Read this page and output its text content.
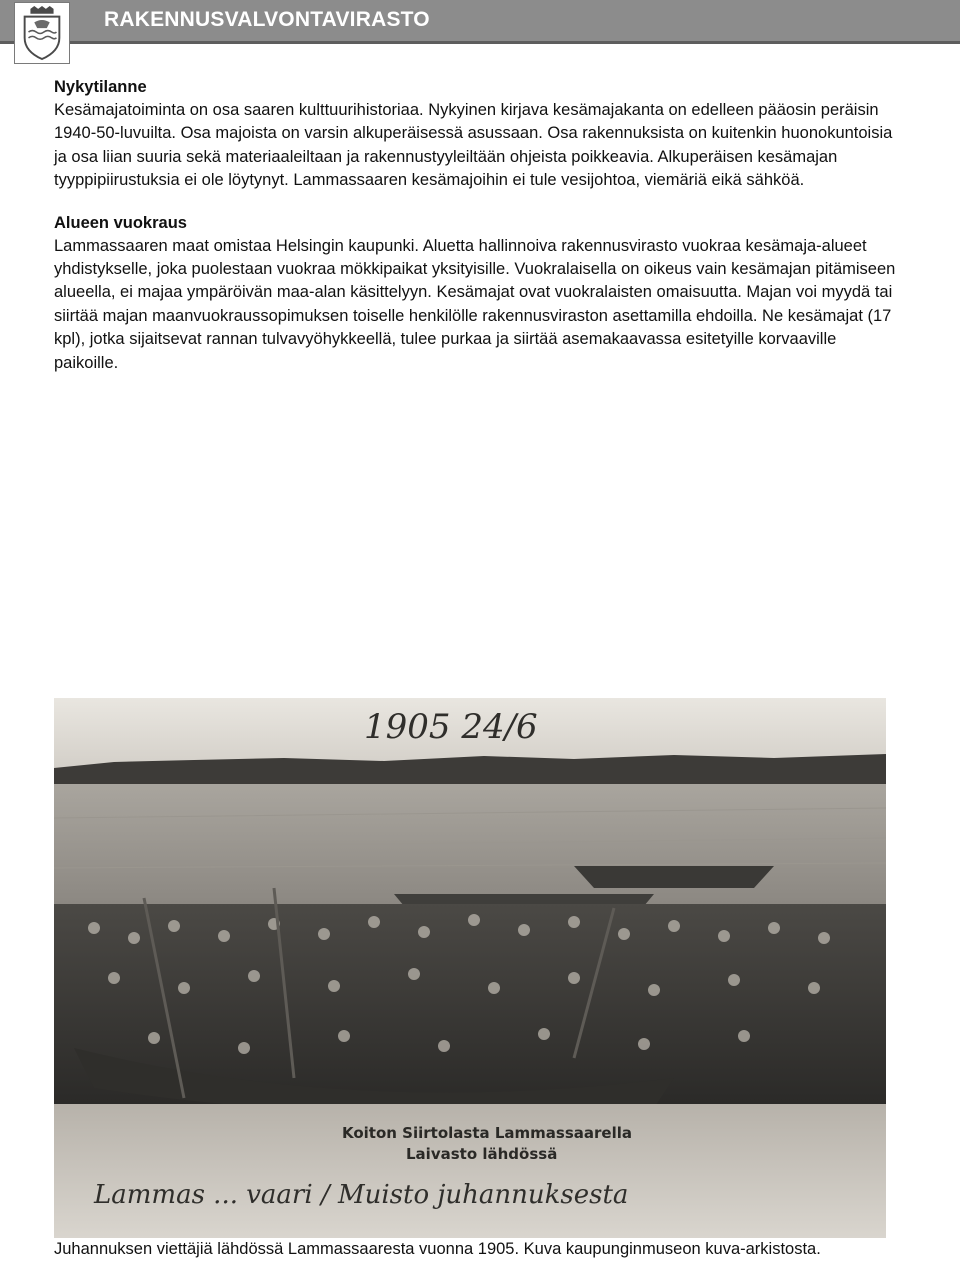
RAKENNUSVALVONTAVIRASTO
Nykytilanne

Kesämajatoiminta on osa saaren kulttuurihistoriaa. Nykyinen kirjava kesämajakanta on edelleen pääosin peräisin 1940-50-luvuilta. Osa majoista on varsin alkuperäisessä asussaan. Osa rakennuksista on kuitenkin huonokuntoisia ja osa liian suuria sekä materiaaleiltaan ja rakennustyyleiltään ohjeista poikkeavia. Alkuperäisen kesämajan tyyppipiirustuksia ei ole löytynyt. Lammassaaren kesämajoihin ei tule vesijohtoa, viemäriä eikä sähköä.

Alueen vuokraus

Lammassaaren maat omistaa Helsingin kaupunki. Aluetta hallinnoiva rakennusvirasto vuokraa kesämaja-alueet yhdistykselle, joka puolestaan vuokraa mökkipaikat yksityisille. Vuokralaisella on oikeus vain kesämajan pitämiseen alueella, ei majaa ympäröivän maa-alan käsittelyyn. Kesämajat ovat vuokralaisten omaisuutta. Majan voi myydä tai siirtää majan maanvuokraussopimuksen toiselle henkilölle rakennusviraston asettamilla ehdoilla. Ne kesämajat (17 kpl), jotka sijaitsevat rannan tulvavyöhykkeellä, tulee purkaa ja siirtää asemakaavassa esitetyille korvaaville paikoille.

Koiton Siirtolasta Lammassaarella
Laivasto lähdössä
1905 24/6
Lammas ... vaari / Muisto juhannuksesta

Juhannuksen viettäjiä lähdössä Lammassaaresta vuonna 1905. Kuva kaupunginmuseon kuva-arkistosta.
